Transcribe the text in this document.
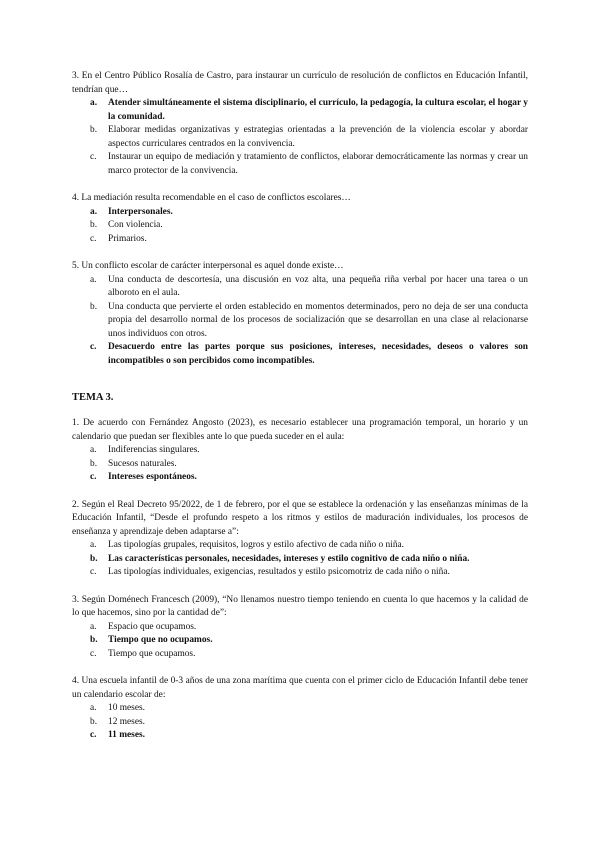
3. En el Centro Público Rosalía de Castro, para instaurar un currículo de resolución de conflictos en Educación Infantil, tendrían que…

a. Atender simultáneamente el sistema disciplinario, el currículo, la pedagogía, la cultura escolar, el hogar y la comunidad.
b. Elaborar medidas organizativas y estrategias orientadas a la prevención de la violencia escolar y abordar aspectos curriculares centrados en la convivencia.
c. Instaurar un equipo de mediación y tratamiento de conflictos, elaborar democráticamente las normas y crear un marco protector de la convivencia.

4. La mediación resulta recomendable en el caso de conflictos escolares…

a. Interpersonales.
b. Con violencia.
c. Primarios.

5. Un conflicto escolar de carácter interpersonal es aquel donde existe…

a. Una conducta de descortesía, una discusión en voz alta, una pequeña riña verbal por hacer una tarea o un alboroto en el aula.
b. Una conducta que pervierte el orden establecido en momentos determinados, pero no deja de ser una conducta propia del desarrollo normal de los procesos de socialización que se desarrollan en una clase al relacionarse unos individuos con otros.
c. Desacuerdo entre las partes porque sus posiciones, intereses, necesidades, deseos o valores son incompatibles o son percibidos como incompatibles.
TEMA 3.

1. De acuerdo con Fernández Angosto (2023), es necesario establecer una programación temporal, un horario y un calendario que puedan ser flexibles ante lo que pueda suceder en el aula:

a. Indiferencias singulares.
b. Sucesos naturales.
c. Intereses espontáneos.

2. Según el Real Decreto 95/2022, de 1 de febrero, por el que se establece la ordenación y las enseñanzas mínimas de la Educación Infantil, “Desde el profundo respeto a los ritmos y estilos de maduración individuales, los procesos de enseñanza y aprendizaje deben adaptarse a”:

a. Las tipologías grupales, requisitos, logros y estilo afectivo de cada niño o niña.
b. Las características personales, necesidades, intereses y estilo cognitivo de cada niño o niña.
c. Las tipologías individuales, exigencias, resultados y estilo psicomotriz de cada niño o niña.

3. Según Doménech Francesch (2009), “No llenamos nuestro tiempo teniendo en cuenta lo que hacemos y la calidad de lo que hacemos, sino por la cantidad de”:

a. Espacio que ocupamos.
b. Tiempo que no ocupamos.
c. Tiempo que ocupamos.

4. Una escuela infantil de 0-3 años de una zona marítima que cuenta con el primer ciclo de Educación Infantil debe tener un calendario escolar de:

a. 10 meses.
b. 12 meses.
c. 11 meses.
